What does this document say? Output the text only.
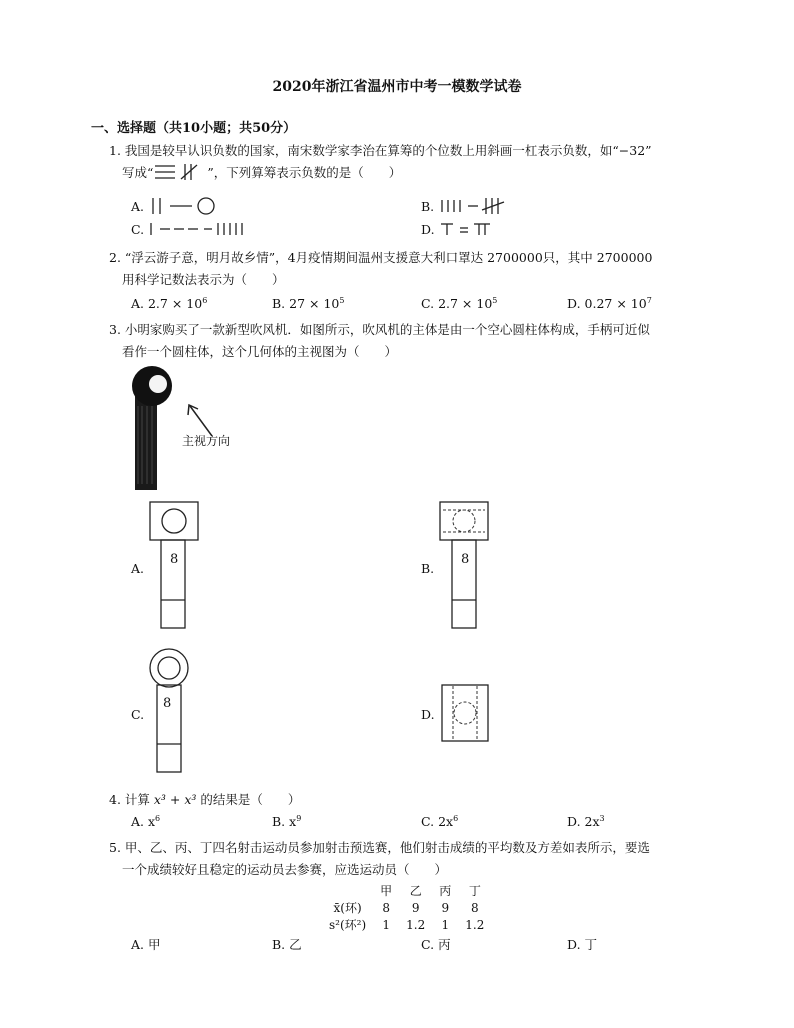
2020年浙江省温州市中考一模数学试卷
一、选择题（共10小题；共50分）
1. 我国是较早认识负数的国家，南宋数学家李治在算筹的个位数上用斜画一杠表示负数，如“−32”
写成“	”，下列算筹表示负数的是（　　）
A.	B.
C.	D.
2. “浮云游子意，明月故乡情”，4月疫情期间温州支援意大利口罩达 2700000只，其中 2700000
用科学记数法表示为（　　）
A. $2.7 \times 10^6$	B. $27 \times 10^5$	C. $2.7 \times 10^5$	D. $0.27 \times 10^7$
3. 小明家购买了一款新型吹风机．如图所示，吹风机的主体是由一个空心圆柱体构成，手柄可近似
看作一个圆柱体，这个几何体的主视图为（　　）
主视方向
A.
8
B.
8
C.
8
D.
4. 计算 x³ + x³ 的结果是（　　）
A. $x^6$	B. $x^9$	C. $2x^6$	D. $2x^3$
5. 甲、乙、丙、丁四名射击运动员参加射击预选赛，他们射击成绩的平均数及方差如表所示，要选
一个成绩较好且稳定的运动员去参赛，应选运动员（　　）
	甲	乙	丙	丁
x̄(环)	8	9	9	8
s²(环²)	1	1.2	1	1.2
A. 甲	B. 乙	C. 丙	D. 丁
